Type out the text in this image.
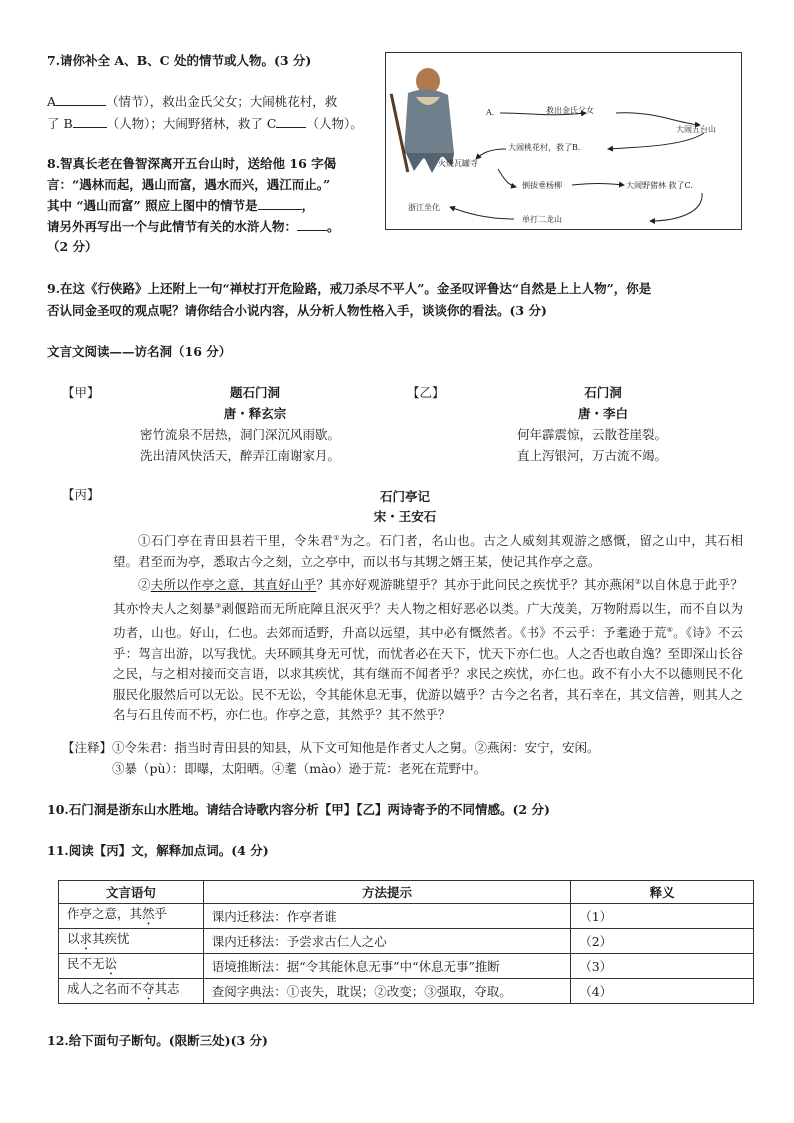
7.请你补全 A、B、C 处的情节或人物。(3 分)
A	（情节），救出金氏父女；大闹桃花村，救
了 B	（人物）；大闹野猪林，救了 C （人物）。
8.智真长老在鲁智深离开五台山时，送给他 16 字偈
言：“遇林而起，遇山而富，遇水而兴，遇江而止。”
其中 “遇山而富” 照应上图中的情节是	，
请另外再写出一个与此情节有关的水浒人物： 。
（2 分）
A.	救出金氏父女
大闹五台山
大闹桃花村，救了B.
火烧瓦罐寺
倒拔垂杨柳	大闹野猪林 救了C.
浙江坐化
单打二龙山
9.在这《行侠路》上还附上一句“禅杖打开危险路，戒刀杀尽不平人”。金圣叹评鲁达“自然是上上人物”，你是
否认同金圣叹的观点呢？请你结合小说内容，从分析人物性格入手，谈谈你的看法。(3 分)
文言文阅读——访名洞（16 分）
【甲】	题石门洞
唐・释玄宗
密竹流泉不居热，洞门深沉风雨歇。
洗出清风快活天，醉弄江南谢家月。
【乙】	石门洞
唐・李白
何年霹震惊，云散苍崖裂。
直上泻银河，万古流不竭。
【丙】	石门亭记
宋・王安石

①石门亭在青田县若干里，令朱君①为之。石门者，名山也。古之人威刻其观游之感慨，留之山中，其石相望。君至而为亭，悉取古今之刻，立之亭中，而以书与其甥之婿王某，使记其作亭之意。

②夫所以作亭之意，其直好山乎？其亦好观游眺望乎？其亦于此问民之疾忧乎？其亦燕闲②以自休息于此乎？其亦怜夫人之刻暴③剥偃踣而无所庇障且泯灭乎？夫人物之相好恶必以类。广大茂美，万物附焉以生，而不自以为功者，山也。好山，仁也。去郊而适野，升高以远望，其中必有慨然者。《书》不云乎：予耄逊于荒④。《诗》不云乎：驾言出游，以写我忧。夫环顾其身无可忧，而忧者必在天下，忧天下亦仁也。人之否也敢自逸？至即深山长谷之民，与之相对接而交言语，以求其疾忧，其有继而不闻者乎？求民之疾忧，亦仁也。政不有小大不以德则民不化服民化服然后可以无讼。民不无讼，令其能休息无事，优游以嬉乎？古今之名者，其石幸在，其文信善，则其人之名与石且传而不朽，亦仁也。作亭之意，其然乎？其不然乎？

【注释】①令朱君：指当时青田县的知县，从下文可知他是作者丈人之舅。②燕闲：安宁，安闲。
③暴（pù）：即曝，太阳晒。④耄（mào）逊于荒：老死在荒野中。
10.石门洞是浙东山水胜地。请结合诗歌内容分析【甲】【乙】两诗寄予的不同情感。(2 分)
11.阅读【丙】文，解释加点词。(4 分)
文言语句	方法提示	释义
作亭之意，其然乎	课内迁移法：作亭者谁	（1）
以求其疾忧	课内迁移法：予尝求古仁人之心	（2）
民不无讼	语境推断法：据“令其能休息无事”中“休息无事”推断	（3）
成人之名而不夺其志	查阅字典法：①丧失，耽误；②改变；③强取，夺取。	（4）
12.给下面句子断句。(限断三处)(3 分)
